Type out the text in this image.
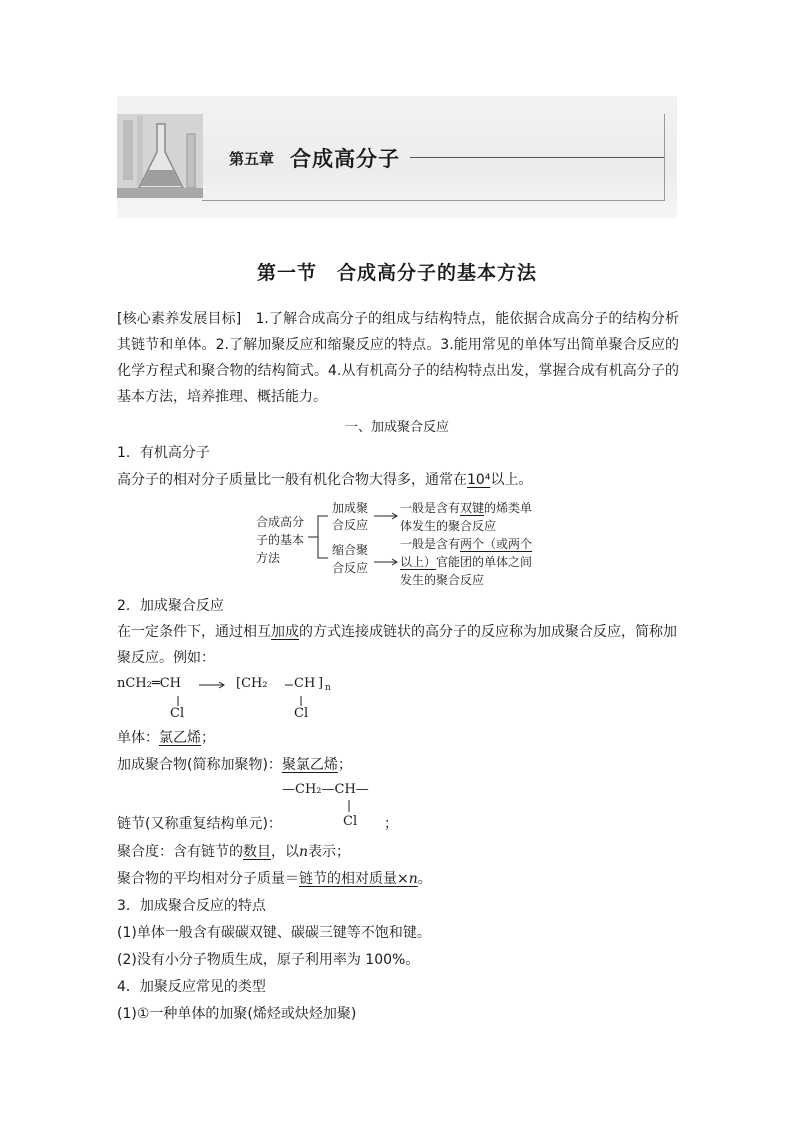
第五章 合成高分子
第一节　合成高分子的基本方法
[核心素养发展目标]　1.了解合成高分子的组成与结构特点，能依据合成高分子的结构分析其链节和单体。2.了解加聚反应和缩聚反应的特点。3.能用常见的单体写出简单聚合反应的化学方程式和聚合物的结构简式。4.从有机高分子的结构特点出发，掌握合成有机高分子的基本方法，培养推理、概括能力。
一、加成聚合反应
1．有机高分子
高分子的相对分子质量比一般有机化合物大得多，通常在10⁴以上。
合成高分
子的基本
方法
加成聚
合反应
一般是含有双键的烯类单
体发生的聚合反应
缩合聚
合反应
一般是含有两个（或两个
以上）官能团的单体之间
发生的聚合反应
2．加成聚合反应
在一定条件下，通过相互加成的方式连接成链状的高分子的反应称为加成聚合反应，简称加
聚反应。例如：
nCH₂═CH	[CH₂ CH ] n
Cl	Cl
单体：氯乙烯；
加成聚合物(简称加聚物)：聚氯乙烯；
—CH₂—CH—
Cl
链节(又称重复结构单元)：	；
聚合度：含有链节的数目，以n表示；
聚合物的平均相对分子质量＝链节的相对质量×n。
3．加成聚合反应的特点
(1)单体一般含有碳碳双键、碳碳三键等不饱和键。
(2)没有小分子物质生成，原子利用率为 100%。
4．加聚反应常见的类型
(1)①一种单体的加聚(烯烃或炔烃加聚)
